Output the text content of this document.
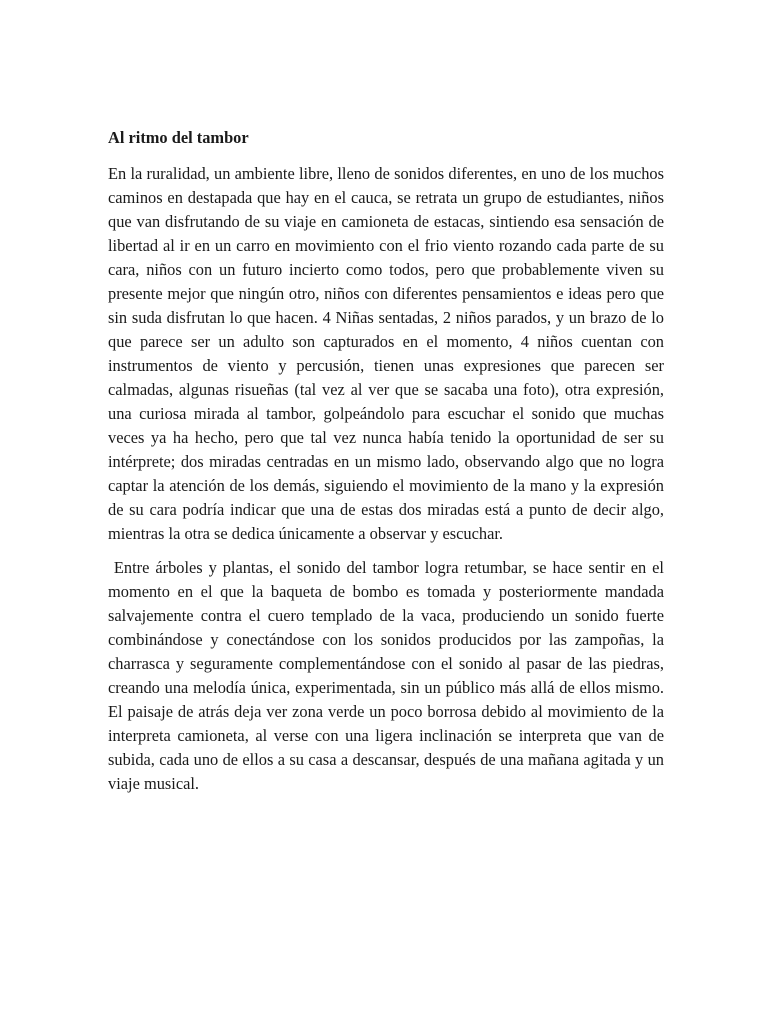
Al ritmo del tambor

En la ruralidad, un ambiente libre, lleno de sonidos diferentes, en uno de los muchos caminos en destapada que hay en el cauca, se retrata un grupo de estudiantes, niños que van disfrutando de su viaje en camioneta de estacas, sintiendo esa sensación de libertad al ir en un carro en movimiento con el frio viento rozando cada parte de su cara, niños con un futuro incierto como todos, pero que probablemente viven su presente mejor que ningún otro, niños con diferentes pensamientos e ideas pero que sin suda disfrutan lo que hacen. 4 Niñas sentadas, 2 niños parados, y un brazo de lo que parece ser un adulto son capturados en el momento, 4 niños cuentan con instrumentos de viento y percusión, tienen unas expresiones que parecen ser calmadas, algunas risueñas (tal vez al ver que se sacaba una foto), otra expresión, una curiosa mirada al tambor, golpeándolo para escuchar el sonido que muchas veces ya ha hecho, pero que tal vez nunca había tenido la oportunidad de ser su intérprete; dos miradas centradas en un mismo lado, observando algo que no logra captar la atención de los demás, siguiendo el movimiento de la mano y la expresión de su cara podría indicar que una de estas dos miradas está a punto de decir algo, mientras la otra se dedica únicamente a observar y escuchar.

Entre árboles y plantas, el sonido del tambor logra retumbar, se hace sentir en el momento en el que la baqueta de bombo es tomada y posteriormente mandada salvajemente contra el cuero templado de la vaca, produciendo un sonido fuerte combinándose y conectándose con los sonidos producidos por las zampoñas, la charrasca y seguramente complementándose con el sonido al pasar de las piedras, creando una melodía única, experimentada, sin un público más allá de ellos mismo. El paisaje de atrás deja ver zona verde un poco borrosa debido al movimiento de la interpreta camioneta, al verse con una ligera inclinación se interpreta que van de subida, cada uno de ellos a su casa a descansar, después de una mañana agitada y un viaje musical.
